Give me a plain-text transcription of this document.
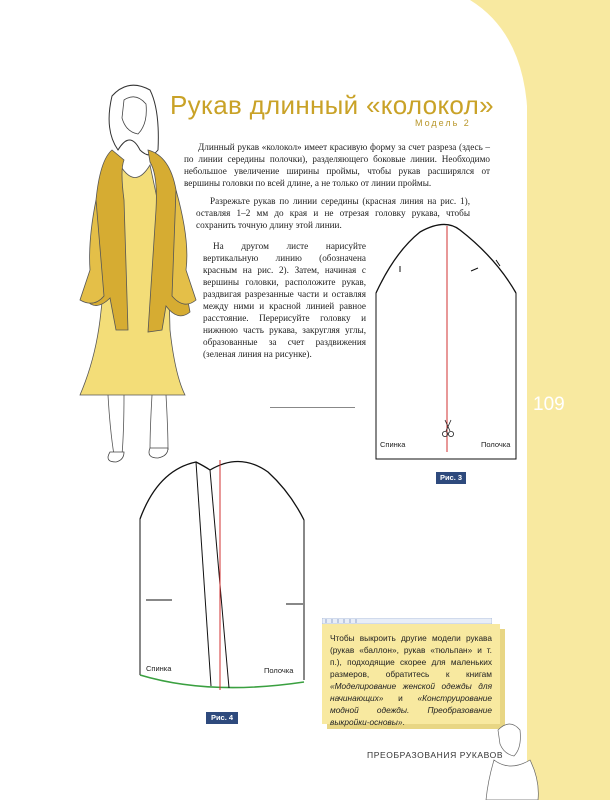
109
Рукав длинный «колокол»
Модель 2

Длинный рукав «колокол» имеет красивую форму за счет разреза (здесь – по линии середины полочки), разделяющего боковые линии. Необходимо небольшое увеличение ширины проймы, чтобы рукав расширялся от вершины головки по всей длине, а не только от линии проймы.

Разрежьте рукав по линии середины (красная линия на рис. 1), оставляя 1–2 мм до края и не отрезая головку рукава, чтобы сохранить точную длину этой линии.

На другом листе нарисуйте вертикальную линию (обозначена красным на рис. 2). Затем, начиная с вершины головки, расположите рукав, раздвигая разрезанные части и оставляя между ними и красной линией равное расстояние. Перерисуйте головку и нижнюю часть рукава, закругляя углы, образованные за счет раздвижения (зеленая линия на рисунке).

Спинка	Полочка
Рис. 3
Спинка	Полочка
Рис. 4
Чтобы выкроить другие модели рукава (рукав «баллон», рукав «тюльпан» и т. п.), подходящие скорее для маленьких размеров, обратитесь к книгам «Моделирование женской одежды для начинающих» и «Конструирование модной одежды. Преобразование выкройки-основы».
ПРЕОБРАЗОВАНИЯ РУКАВОВ
